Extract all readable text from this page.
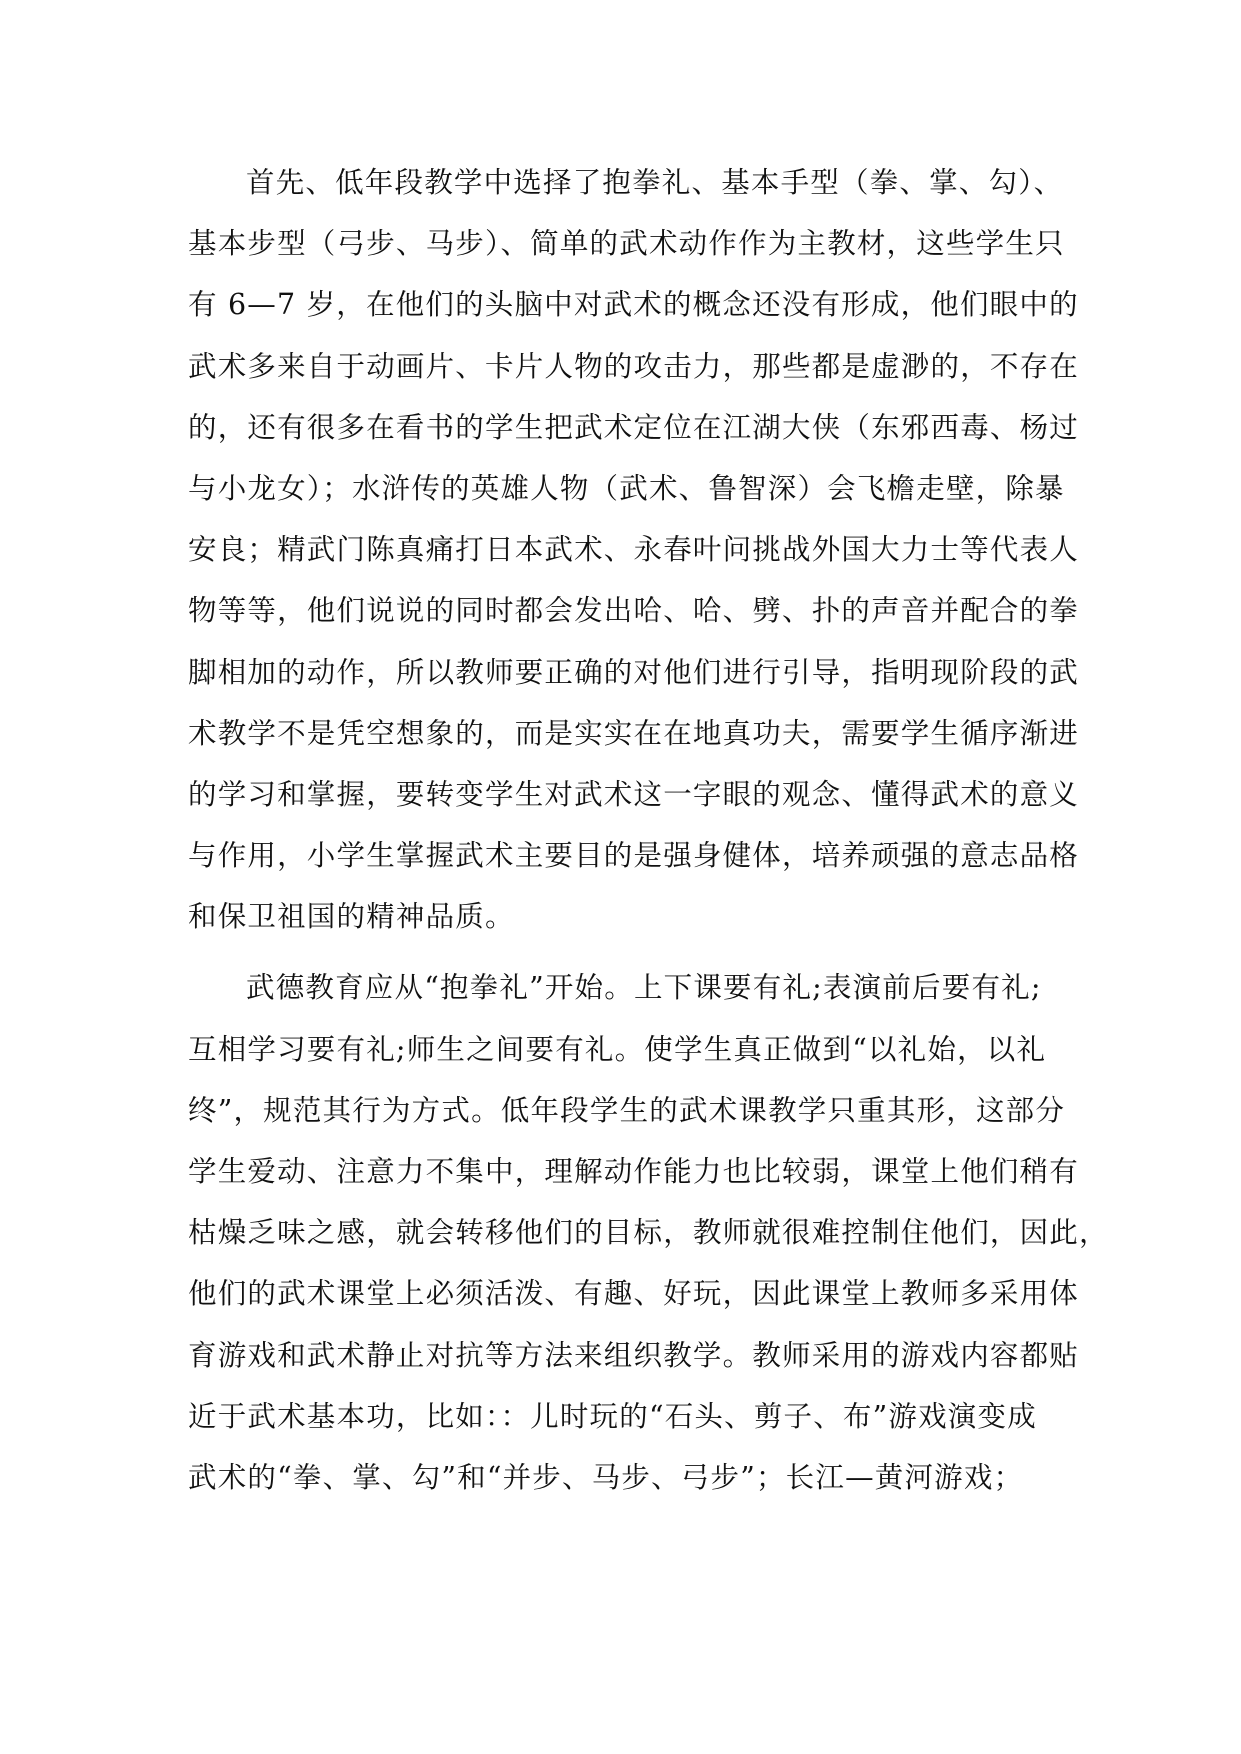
首先、低年段教学中选择了抱拳礼、基本手型（拳、掌、勾）、
基本步型（弓步、马步）、简单的武术动作作为主教材，这些学生只
有 6—7 岁，在他们的头脑中对武术的概念还没有形成，他们眼中的
武术多来自于动画片、卡片人物的攻击力，那些都是虚渺的，不存在
的，还有很多在看书的学生把武术定位在江湖大侠（东邪西毒、杨过
与小龙女）；水浒传的英雄人物（武术、鲁智深）会飞檐走壁，除暴
安良；精武门陈真痛打日本武术、永春叶问挑战外国大力士等代表人
物等等，他们说说的同时都会发出哈、哈、劈、扑的声音并配合的拳
脚相加的动作，所以教师要正确的对他们进行引导，指明现阶段的武
术教学不是凭空想象的，而是实实在在地真功夫，需要学生循序渐进
的学习和掌握，要转变学生对武术这一字眼的观念、懂得武术的意义
与作用，小学生掌握武术主要目的是强身健体，培养顽强的意志品格
和保卫祖国的精神品质。
武德教育应从“抱拳礼”开始。上下课要有礼;表演前后要有礼;
互相学习要有礼;师生之间要有礼。使学生真正做到“以礼始，以礼
终”，规范其行为方式。低年段学生的武术课教学只重其形，这部分
学生爱动、注意力不集中，理解动作能力也比较弱，课堂上他们稍有
枯燥乏味之感，就会转移他们的目标，教师就很难控制住他们，因此，
他们的武术课堂上必须活泼、有趣、好玩，因此课堂上教师多采用体
育游戏和武术静止对抗等方法来组织教学。教师采用的游戏内容都贴
近于武术基本功，比如：：儿时玩的“石头、剪子、布”游戏演变成
武术的“拳、掌、勾”和“并步、马步、弓步”；长江—黄河游戏；
